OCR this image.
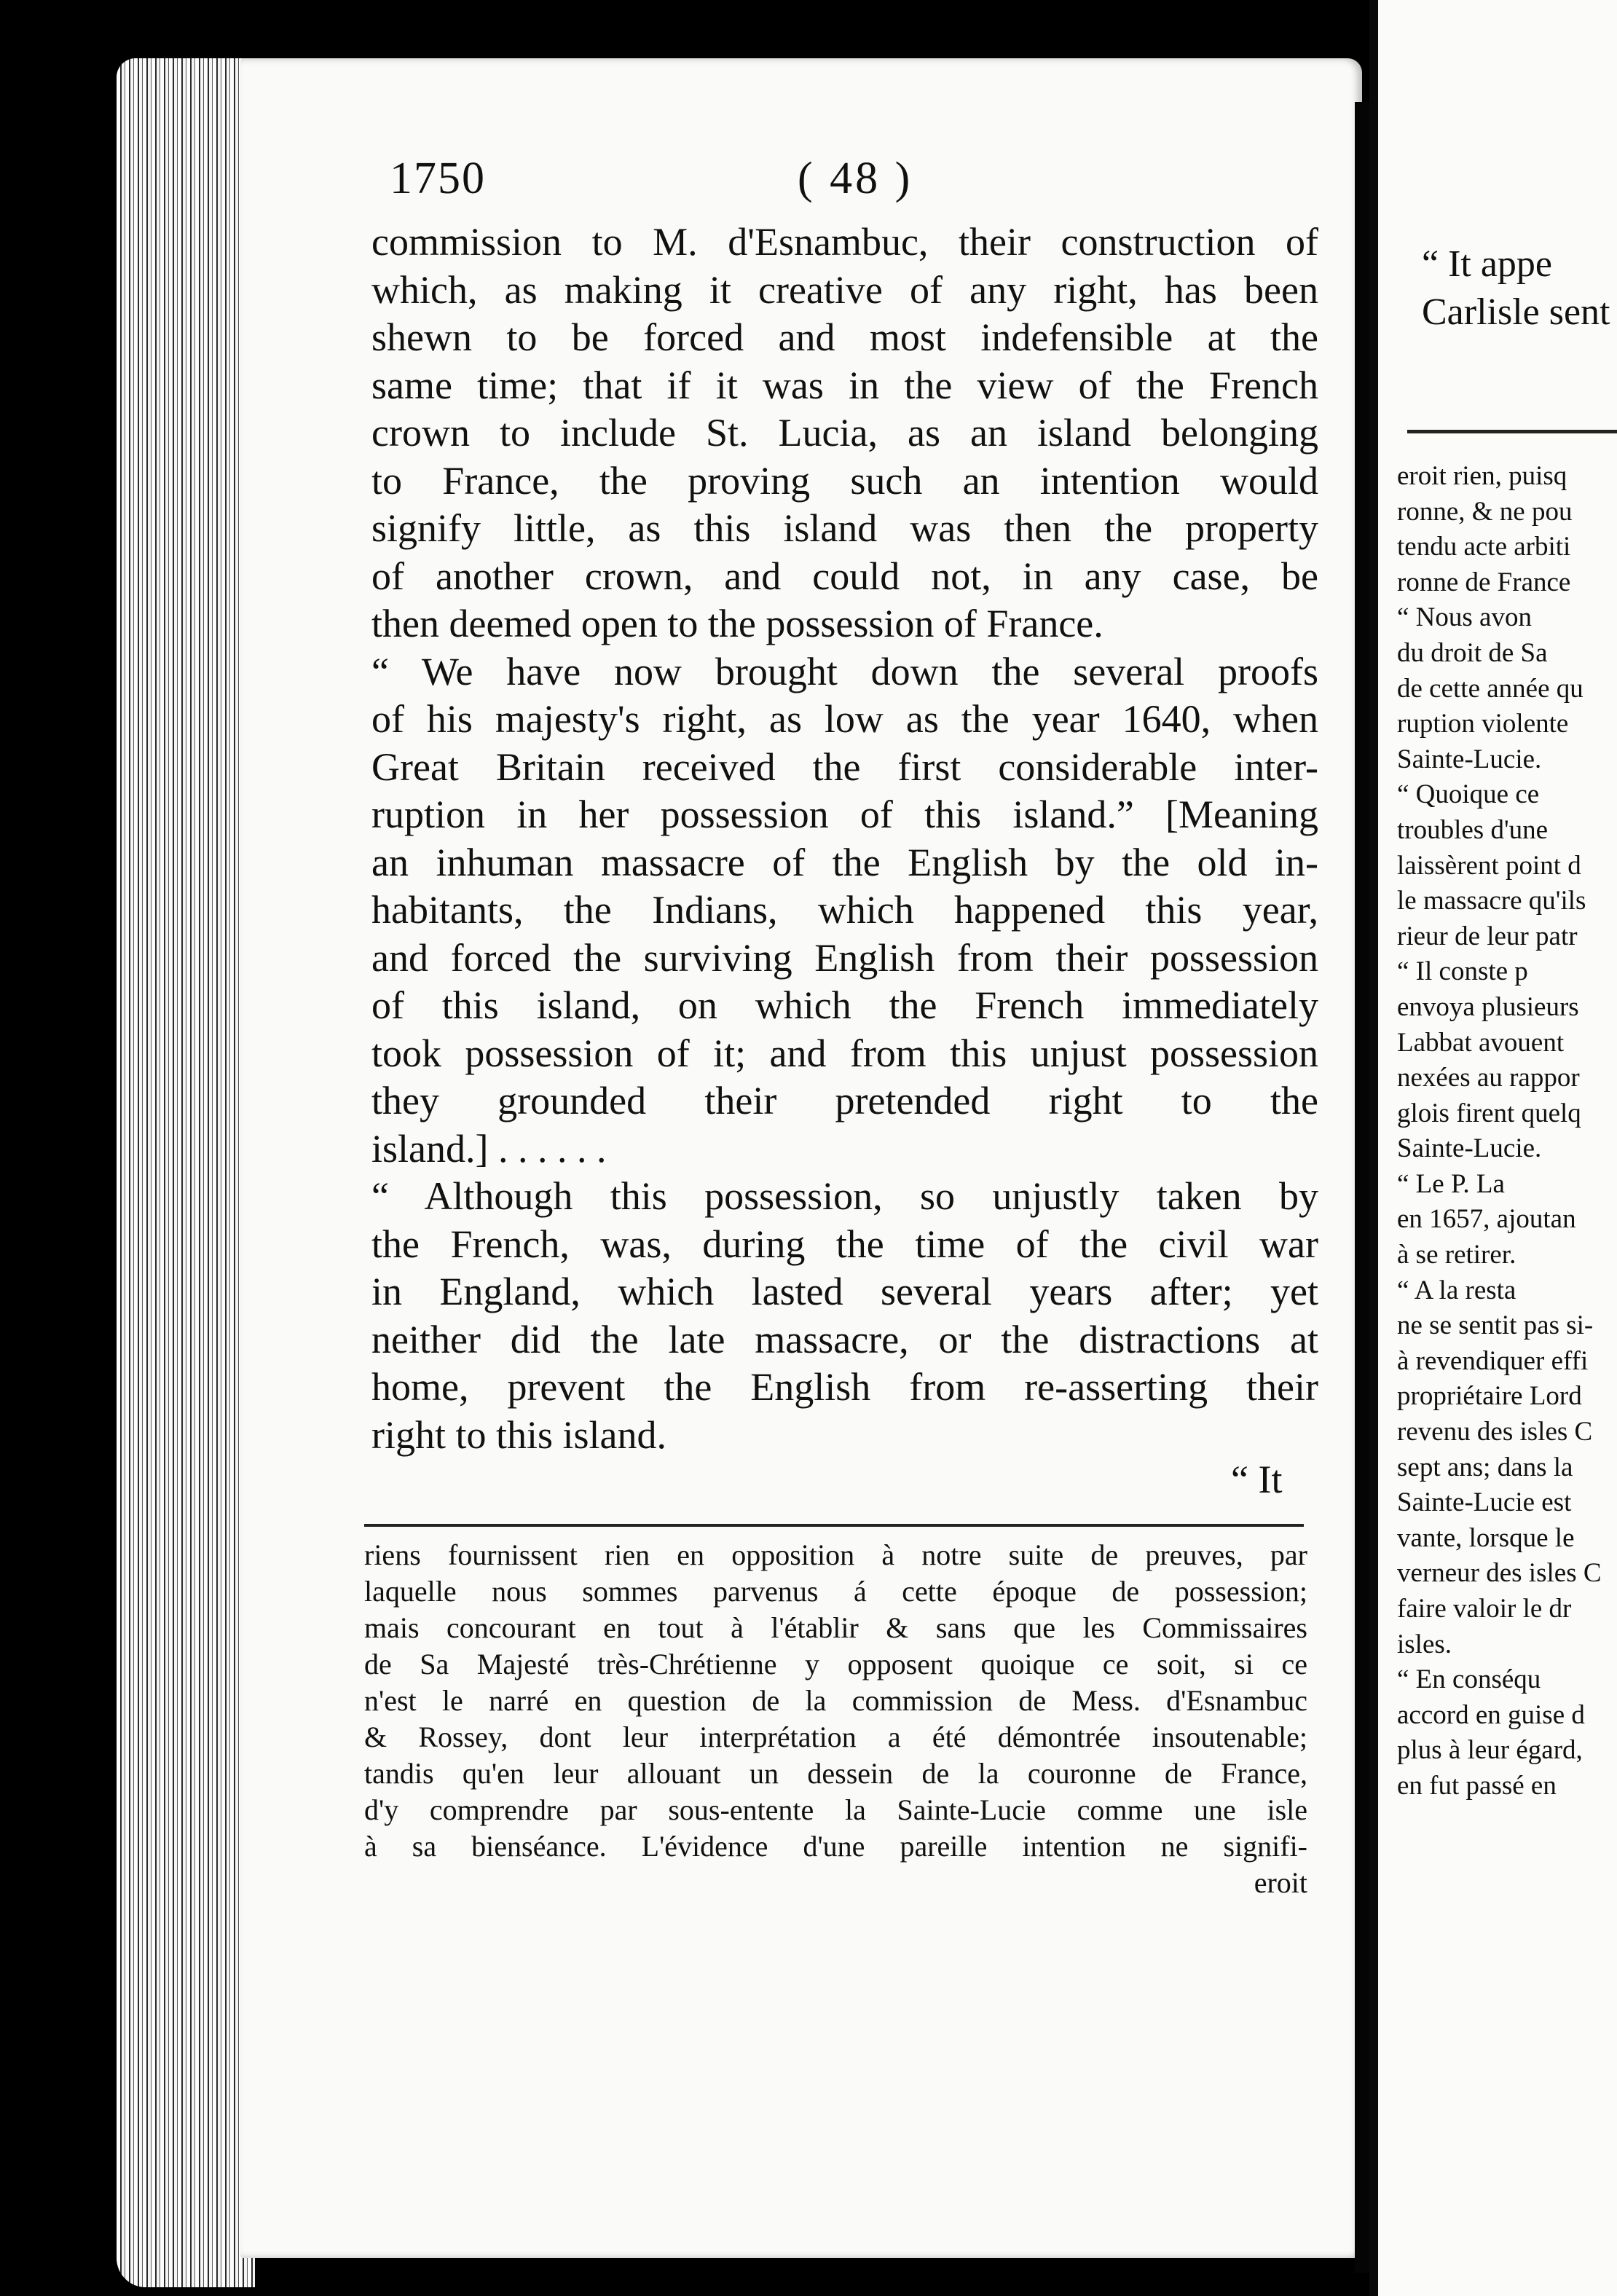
1750	( 48 )
commission to M. d'Esnambuc, their construction of
which, as making it creative of any right, has been
shewn to be forced and most indefensible at the
same time; that if it was in the view of the French
crown to include St. Lucia, as an island belonging
to France, the proving such an intention would
signify little, as this island was then the property
of another crown, and could not, in any case, be
then deemed open to the possession of France.
“ We have now brought down the several proofs
of his majesty's right, as low as the year 1640, when
Great Britain received the first considerable inter-
ruption in her possession of this island.” [Meaning
an inhuman massacre of the English by the old in-
habitants, the Indians, which happened this year,
and forced the surviving English from their possession
of this island, on which the French immediately
took possession of it; and from this unjust possession
they grounded their pretended right to the
island.] . . . . . .
“ Although this possession, so unjustly taken by
the French, was, during the time of the civil war
in England, which lasted several years after; yet
neither did the late massacre, or the distractions at
home, prevent the English from re-asserting their
right to this island.
“ It
riens fournissent rien en opposition à notre suite de preuves, par
laquelle nous sommes parvenus á cette époque de possession;
mais concourant en tout à l'établir & sans que les Commissaires
de Sa Majesté très-Chrétienne y opposent quoique ce soit, si ce
n'est le narré en question de la commission de Mess. d'Esnambuc
& Rossey, dont leur interprétation a été démontrée insoutenable;
tandis qu'en leur allouant un dessein de la couronne de France,
d'y comprendre par sous-entente la Sainte-Lucie comme une isle
à sa bienséance. L'évidence d'une pareille intention ne signifi-
eroit
“ It appe
Carlisle sent
eroit rien, puisq
ronne, & ne pou
tendu acte arbiti
ronne de France
“ Nous avon
du droit de Sa
de cette année qu
ruption violente
Sainte-Lucie.
“ Quoique ce
troubles d'une
laissèrent point d
le massacre qu'ils
rieur de leur patr
“ Il conste p
envoya plusieurs
Labbat avouent
nexées au rappor
glois firent quelq
Sainte-Lucie.
“ Le P. La
en 1657, ajoutan
à se retirer.
“ A la resta
ne se sentit pas si-
à revendiquer effi
propriétaire Lord
revenu des isles C
sept ans; dans la
Sainte-Lucie est
vante, lorsque le
verneur des isles C
faire valoir le dr
isles.
“ En conséqu
accord en guise d
plus à leur égard,
en fut passé en
